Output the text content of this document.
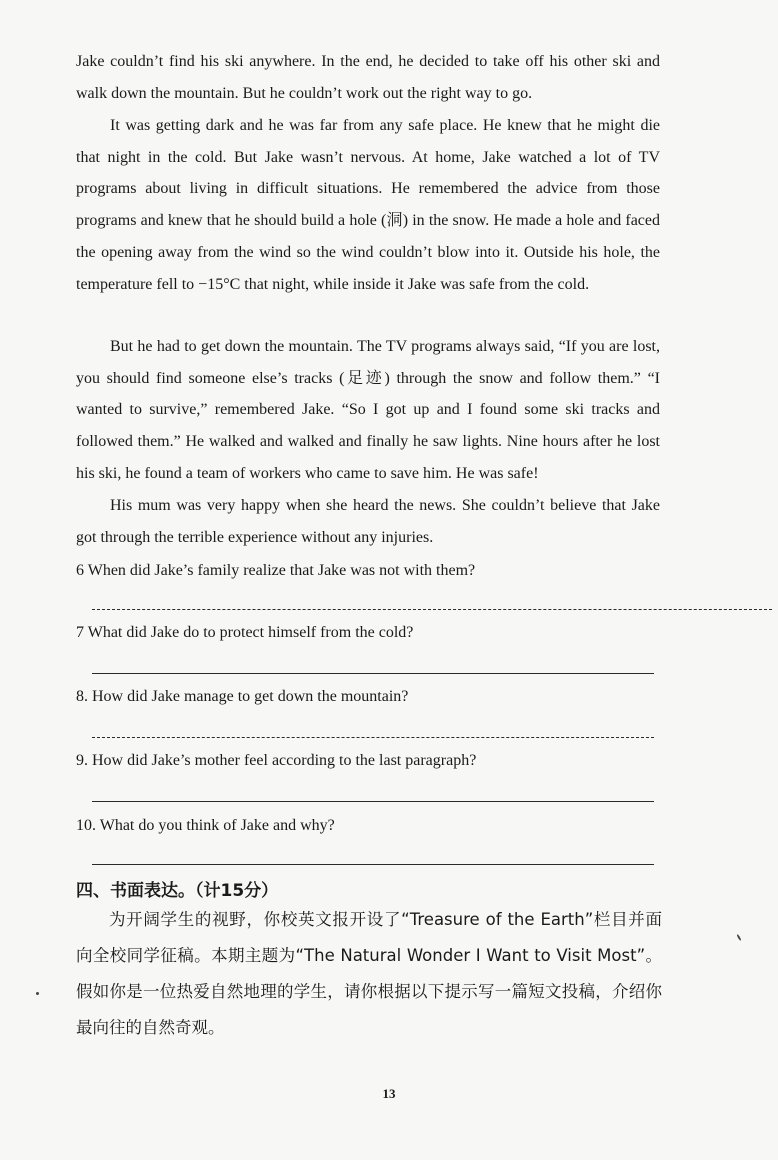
Jake couldn’t find his ski anywhere. In the end, he decided to take off his other ski and walk down the mountain. But he couldn’t work out the right way to go.

It was getting dark and he was far from any safe place. He knew that he might die that night in the cold. But Jake wasn’t nervous. At home, Jake watched a lot of TV programs about living in difficult situations. He remembered the advice from those programs and knew that he should build a hole (洞) in the snow. He made a hole and faced the opening away from the wind so the wind couldn’t blow into it. Outside his hole, the temperature fell to −15°C that night, while inside it Jake was safe from the cold.

But he had to get down the mountain. The TV programs always said, “If you are lost, you should find someone else’s tracks (足迹) through the snow and follow them.” “I wanted to survive,” remembered Jake. “So I got up and I found some ski tracks and followed them.” He walked and walked and finally he saw lights. Nine hours after he lost his ski, he found a team of workers who came to save him. He was safe!

His mum was very happy when she heard the news. She couldn’t believe that Jake got through the terrible experience without any injuries.

6 When did Jake’s family realize that Jake was not with them?

7 What did Jake do to protect himself from the cold?

8. How did Jake manage to get down the mountain?

9. How did Jake’s mother feel according to the last paragraph?

10. What do you think of Jake and why?

四、书面表达。（计15分）

为开阔学生的视野，你校英文报开设了“Treasure of the Earth”栏目并面向全校同学征稿。本期主题为“The Natural Wonder I Want to Visit Most”。假如你是一位热爱自然地理的学生，请你根据以下提示写一篇短文投稿，介绍你最向往的自然奇观。

13
